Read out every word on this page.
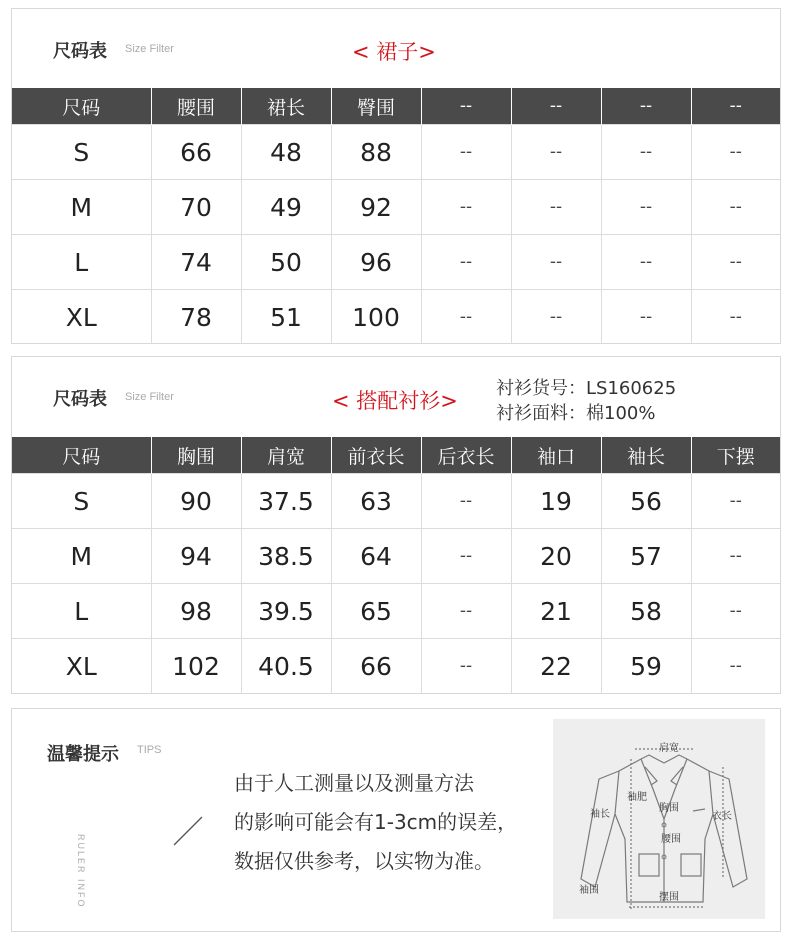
尺码表 Size Filter	< 裙子>
尺码	腰围	裙长	臀围	--	--	--	--
S	66	48	88	--	--	--	--
M	70	49	92	--	--	--	--
L	74	50	96	--	--	--	--
XL	78	51	100	--	--	--	--
尺码表 Size Filter	< 搭配衬衫>
衬衫货号：LS160625
衬衫面料：棉100%
尺码	胸围	肩宽	前衣长	后衣长	袖口	袖长	下摆
S	90	37.5	63	--	19	56	--
M	94	38.5	64	--	20	57	--
L	98	39.5	65	--	21	58	--
XL	102	40.5	66	--	22	59	--
温馨提示 TIPS
RULER INFO
由于人工测量以及测量方法
的影响可能会有1-3cm的误差，
数据仅供参考，以实物为准。
肩宽
袖肥
袖长
胸围
腰围
衣长
袖围
摆围
